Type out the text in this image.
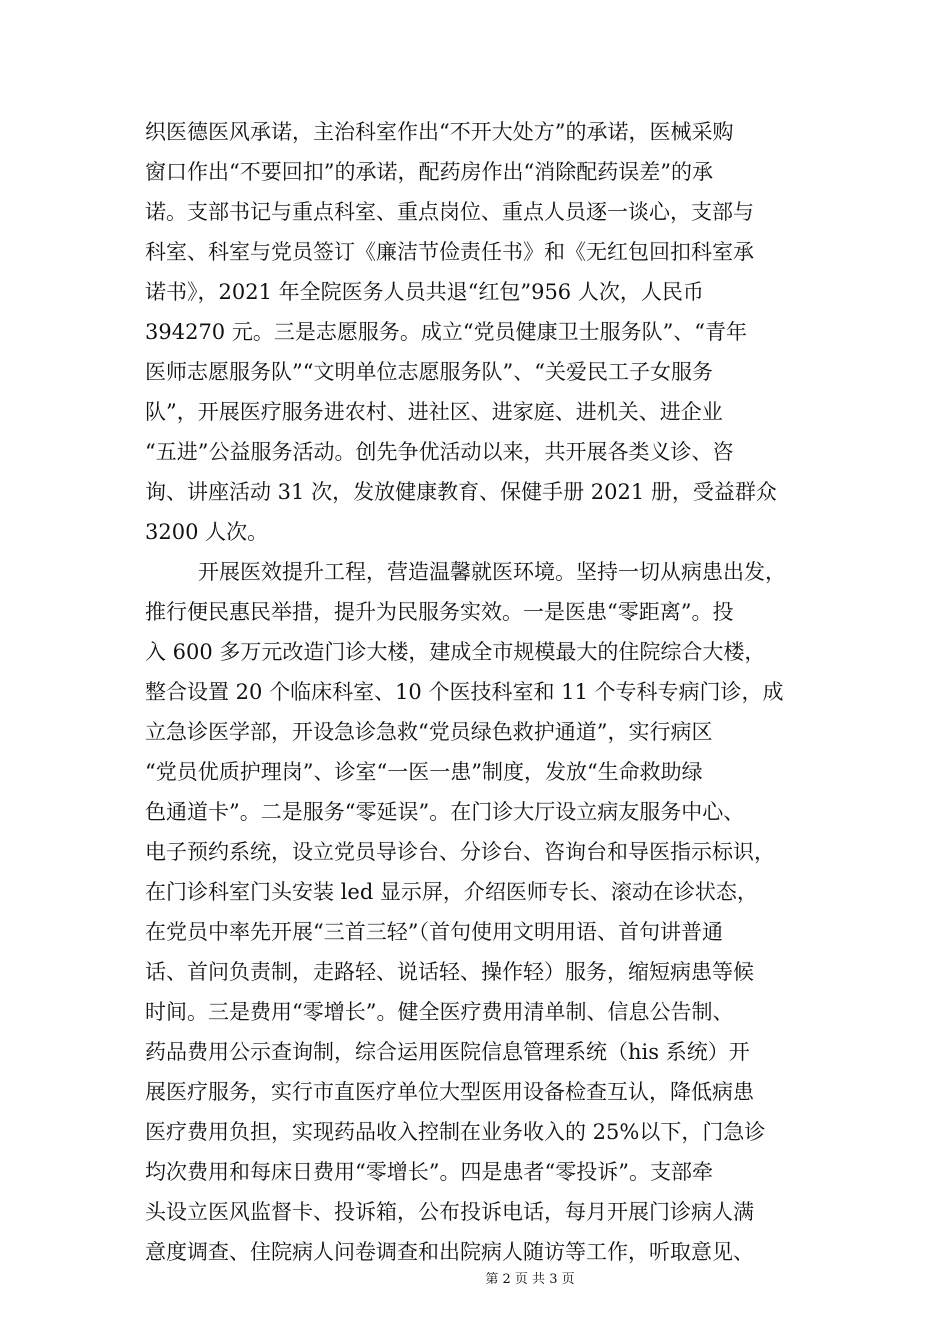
织医德医风承诺，主治科室作出“不开大处方”的承诺，医械采购
窗口作出“不要回扣”的承诺，配药房作出“消除配药误差”的承
诺。支部书记与重点科室、重点岗位、重点人员逐一谈心，支部与
科室、科室与党员签订《廉洁节俭责任书》和《无红包回扣科室承
诺书》，2021 年全院医务人员共退“红包”956 人次，人民币
394270 元。三是志愿服务。成立“党员健康卫士服务队”、“青年
医师志愿服务队”“文明单位志愿服务队”、“关爱民工子女服务
队”，开展医疗服务进农村、进社区、进家庭、进机关、进企业
“五进”公益服务活动。创先争优活动以来，共开展各类义诊、咨
询、讲座活动 31 次，发放健康教育、保健手册 2021 册，受益群众
3200 人次。
开展医效提升工程，营造温馨就医环境。坚持一切从病患出发，
推行便民惠民举措，提升为民服务实效。一是医患“零距离”。投
入 600 多万元改造门诊大楼，建成全市规模最大的住院综合大楼，
整合设置 20 个临床科室、10 个医技科室和 11 个专科专病门诊，成
立急诊医学部，开设急诊急救“党员绿色救护通道”，实行病区
“党员优质护理岗”、诊室“一医一患”制度，发放“生命救助绿
色通道卡”。二是服务“零延误”。在门诊大厅设立病友服务中心、
电子预约系统，设立党员导诊台、分诊台、咨询台和导医指示标识，
在门诊科室门头安装 led 显示屏，介绍医师专长、滚动在诊状态，
在党员中率先开展“三首三轻”（首句使用文明用语、首句讲普通
话、首问负责制，走路轻、说话轻、操作轻）服务，缩短病患等候
时间。三是费用“零增长”。健全医疗费用清单制、信息公告制、
药品费用公示查询制，综合运用医院信息管理系统（his 系统）开
展医疗服务，实行市直医疗单位大型医用设备检查互认，降低病患
医疗费用负担，实现药品收入控制在业务收入的 25%以下，门急诊
均次费用和每床日费用“零增长”。四是患者“零投诉”。支部牵
头设立医风监督卡、投诉箱，公布投诉电话，每月开展门诊病人满
意度调查、住院病人问卷调查和出院病人随访等工作，听取意见、
第 2 页 共 3 页
